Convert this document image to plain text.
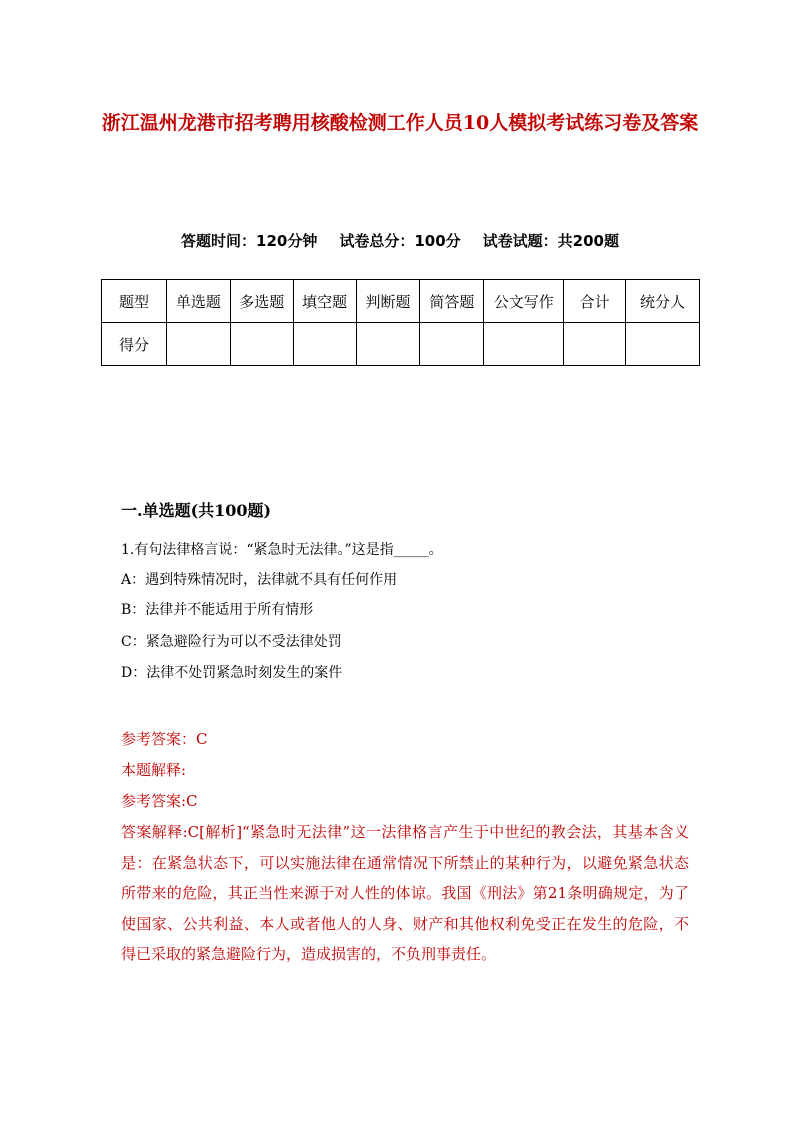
浙江温州龙港市招考聘用核酸检测工作人员10人模拟考试练习卷及答案
答题时间：120分钟 试卷总分：100分 试卷试题：共200题
题型	单选题	多选题	填空题	判断题	简答题	公文写作	合计	统分人
得分								
一.单选题(共100题)
1.有句法律格言说：“紧急时无法律。”这是指_____。
A：遇到特殊情况时，法律就不具有任何作用
B：法律并不能适用于所有情形
C：紧急避险行为可以不受法律处罚
D：法律不处罚紧急时刻发生的案件
参考答案：C
本题解释:
参考答案:C
答案解释:C[解析]“紧急时无法律”这一法律格言产生于中世纪的教会法，其基本含义是：在紧急状态下，可以实施法律在通常情况下所禁止的某种行为，以避免紧急状态所带来的危险，其正当性来源于对人性的体谅。我国《刑法》第21条明确规定，为了使国家、公共利益、本人或者他人的人身、财产和其他权利免受正在发生的危险，不得已采取的紧急避险行为，造成损害的，不负刑事责任。
